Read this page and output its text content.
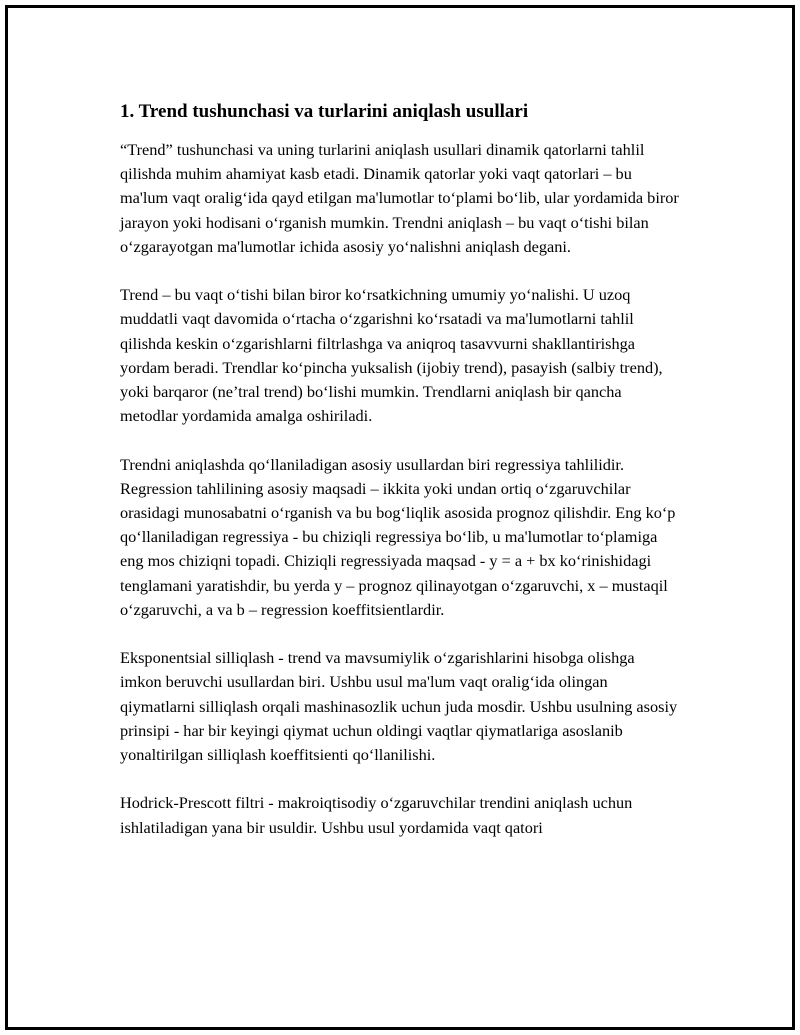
1. Trend tushunchasi va turlarini aniqlash usullari

“Trend” tushunchasi va uning turlarini aniqlash usullari dinamik qatorlarni tahlil qilishda muhim ahamiyat kasb etadi. Dinamik qatorlar yoki vaqt qatorlari – bu ma'lum vaqt oralig‘ida qayd etilgan ma'lumotlar to‘plami bo‘lib, ular yordamida biror jarayon yoki hodisani o‘rganish mumkin. Trendni aniqlash – bu vaqt o‘tishi bilan o‘zgarayotgan ma'lumotlar ichida asosiy yo‘nalishni aniqlash degani.

Trend – bu vaqt o‘tishi bilan biror ko‘rsatkichning umumiy yo‘nalishi. U uzoq muddatli vaqt davomida o‘rtacha o‘zgarishni ko‘rsatadi va ma'lumotlarni tahlil qilishda keskin o‘zgarishlarni filtrlashga va aniqroq tasavvurni shakllantirishga yordam beradi. Trendlar ko‘pincha yuksalish (ijobiy trend), pasayish (salbiy trend), yoki barqaror (ne’tral trend) bo‘lishi mumkin. Trendlarni aniqlash bir qancha metodlar yordamida amalga oshiriladi.

Trendni aniqlashda qo‘llaniladigan asosiy usullardan biri regressiya tahlilidir. Regression tahlilining asosiy maqsadi – ikkita yoki undan ortiq o‘zgaruvchilar orasidagi munosabatni o‘rganish va bu bog‘liqlik asosida prognoz qilishdir. Eng ko‘p qo‘llaniladigan regressiya - bu chiziqli regressiya bo‘lib, u ma'lumotlar to‘plamiga eng mos chiziqni topadi. Chiziqli regressiyada maqsad - y = a + bx ko‘rinishidagi tenglamani yaratishdir, bu yerda y – prognoz qilinayotgan o‘zgaruvchi, x – mustaqil o‘zgaruvchi, a va b – regression koeffitsientlardir.

Eksponentsial silliqlash - trend va mavsumiylik o‘zgarishlarini hisobga olishga imkon beruvchi usullardan biri. Ushbu usul ma'lum vaqt oralig‘ida olingan qiymatlarni silliqlash orqali mashinasozlik uchun juda mosdir. Ushbu usulning asosiy prinsipi - har bir keyingi qiymat uchun oldingi vaqtlar qiymatlariga asoslanib yonaltirilgan silliqlash koeffitsienti qo‘llanilishi.

Hodrick-Prescott filtri - makroiqtisodiy o‘zgaruvchilar trendini aniqlash uchun ishlatiladigan yana bir usuldir. Ushbu usul yordamida vaqt qatori
